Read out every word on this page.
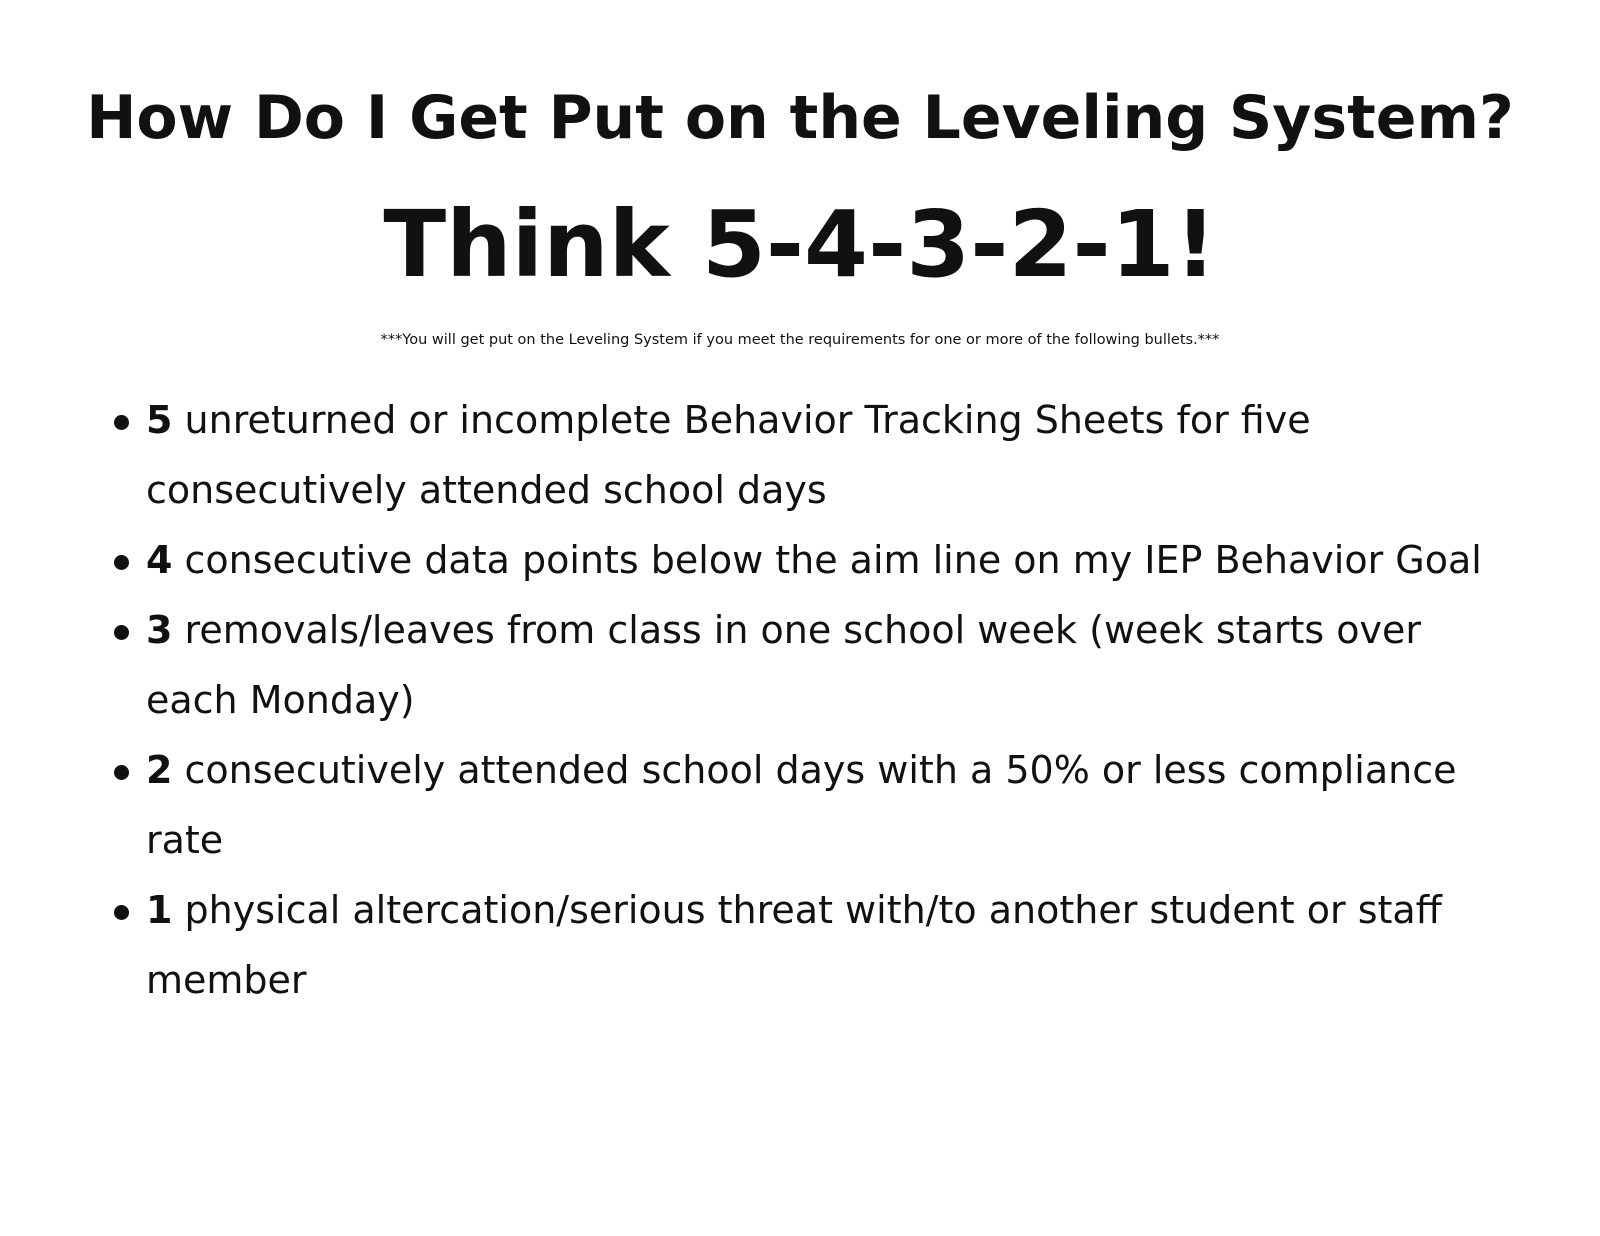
How Do I Get Put on the Leveling System?
Think 5-4-3-2-1!
***You will get put on the Leveling System if you meet the requirements for one or more of the following bullets.***
5 unreturned or incomplete Behavior Tracking Sheets for five consecutively attended school days
4 consecutive data points below the aim line on my IEP Behavior Goal
3 removals/leaves from class in one school week (week starts over each Monday)
2 consecutively attended school days with a 50% or less compliance rate
1 physical altercation/serious threat with/to another student or staff member
